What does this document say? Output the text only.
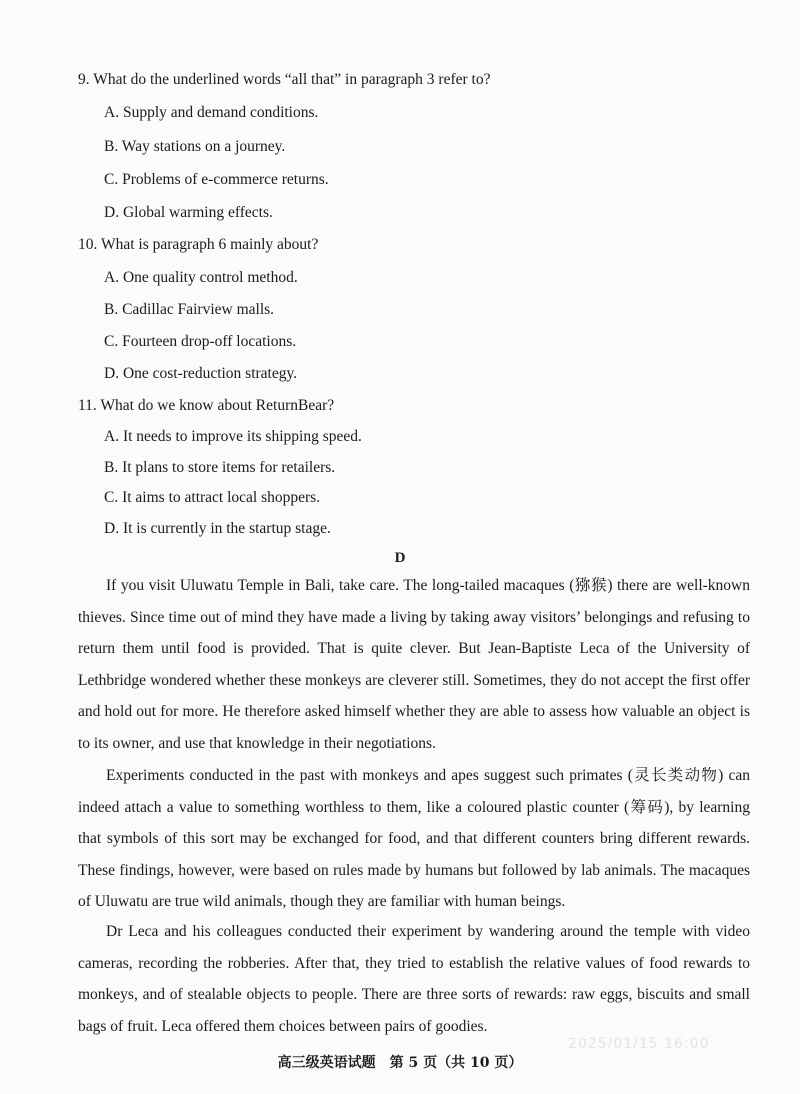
9. What do the underlined words “all that” in paragraph 3 refer to?
A. Supply and demand conditions.
B. Way stations on a journey.
C. Problems of e-commerce returns.
D. Global warming effects.
10. What is paragraph 6 mainly about?
A. One quality control method.
B. Cadillac Fairview malls.
C. Fourteen drop-off locations.
D. One cost-reduction strategy.
11. What do we know about ReturnBear?
A. It needs to improve its shipping speed.
B. It plans to store items for retailers.
C. It aims to attract local shoppers.
D. It is currently in the startup stage.
D

If you visit Uluwatu Temple in Bali, take care. The long-tailed macaques (猕猴) there are well-known thieves. Since time out of mind they have made a living by taking away visitors’ belongings and refusing to return them until food is provided. That is quite clever. But Jean-Baptiste Leca of the University of Lethbridge wondered whether these monkeys are cleverer still. Sometimes, they do not accept the first offer and hold out for more. He therefore asked himself whether they are able to assess how valuable an object is to its owner, and use that knowledge in their negotiations.

Experiments conducted in the past with monkeys and apes suggest such primates (灵长类动物) can indeed attach a value to something worthless to them, like a coloured plastic counter (筹码), by learning that symbols of this sort may be exchanged for food, and that different counters bring different rewards. These findings, however, were based on rules made by humans but followed by lab animals. The macaques of Uluwatu are true wild animals, though they are familiar with human beings.

Dr Leca and his colleagues conducted their experiment by wandering around the temple with video cameras, recording the robberies. After that, they tried to establish the relative values of food rewards to monkeys, and of stealable objects to people. There are three sorts of rewards: raw eggs, biscuits and small bags of fruit. Leca offered them choices between pairs of goodies.

2025/01/15 16:00
高三级英语试题　第 5 页（共 10 页）
